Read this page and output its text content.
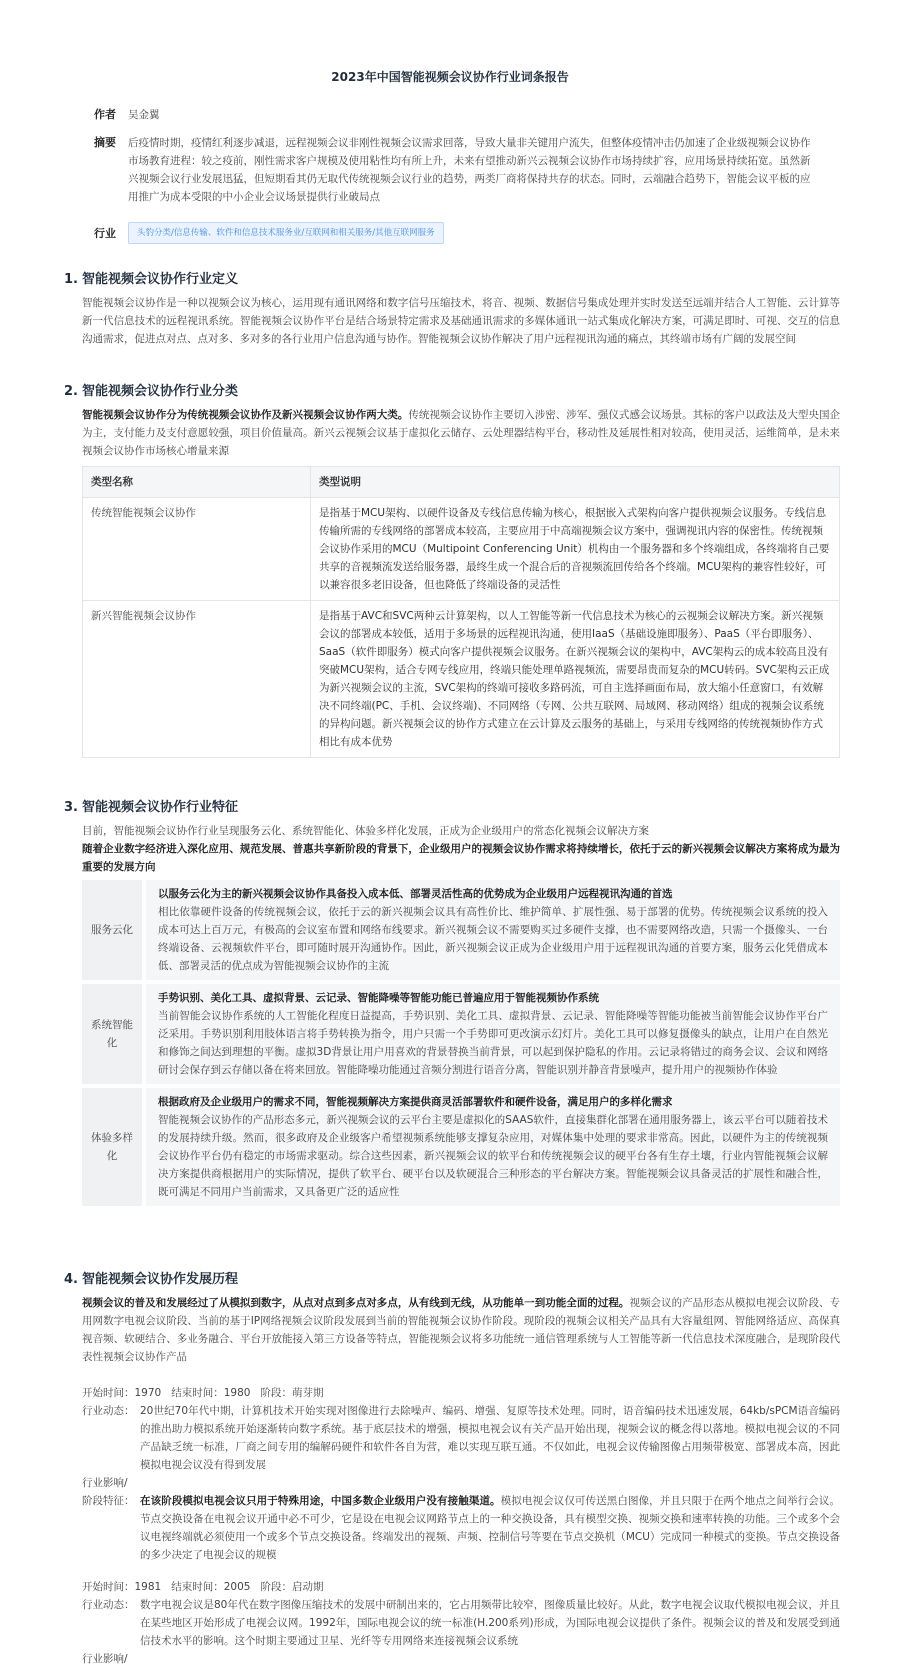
2023年中国智能视频会议协作行业词条报告
作者 吴金翼
摘要 后疫情时期，疫情红利逐步减退，远程视频会议非刚性视频会议需求回落，导致大量非关键用户流失，但整体疫情冲击仍加速了企业级视频会议协作市场教育进程：较之疫前，刚性需求客户规模及使用粘性均有所上升，未来有望推动新兴云视频会议协作市场持续扩容，应用场景持续拓宽。虽然新兴视频会议行业发展迅猛，但短期看其仍无取代传统视频会议行业的趋势，两类厂商将保持共存的状态。同时，云端融合趋势下，智能会议平板的应用推广为成本受限的中小企业会议场景提供行业破局点
行业	头豹分类/信息传输、软件和信息技术服务业/互联网和相关服务/其他互联网服务
1. 智能视频会议协作行业定义
智能视频会议协作是一种以视频会议为核心，运用现有通讯网络和数字信号压缩技术，将音、视频、数据信号集成处理并实时发送至远端并结合人工智能、云计算等新一代信息技术的远程视讯系统。智能视频会议协作平台是结合场景特定需求及基础通讯需求的多媒体通讯一站式集成化解决方案，可满足即时、可视、交互的信息沟通需求，促进点对点、点对多、多对多的各行业用户信息沟通与协作。智能视频会议协作解决了用户远程视讯沟通的痛点，其终端市场有广阔的发展空间
2. 智能视频会议协作行业分类
智能视频会议协作分为传统视频会议协作及新兴视频会议协作两大类。传统视频会议协作主要切入涉密、涉军、强仪式感会议场景。其标的客户以政法及大型央国企为主，支付能力及支付意愿较强，项目价值量高。新兴云视频会议基于虚拟化云储存、云处理器结构平台，移动性及延展性相对较高，使用灵活，运维简单，是未来视频会议协作市场核心增量来源
类型名称	类型说明
传统智能视频会议协作	是指基于MCU架构、以硬件设备及专线信息传输为核心，根据嵌入式架构向客户提供视频会议服务。专线信息传输所需的专线网络的部署成本较高，主要应用于中高端视频会议方案中，强调视讯内容的保密性。传统视频会议协作采用的MCU（Multipoint Conferencing Unit）机构由一个服务器和多个终端组成，各终端将自己要共享的音视频流发送给服务器，最终生成一个混合后的音视频流回传给各个终端。MCU架构的兼容性较好，可以兼容很多老旧设备，但也降低了终端设备的灵活性
新兴智能视频会议协作	是指基于AVC和SVC两种云计算架构，以人工智能等新一代信息技术为核心的云视频会议解决方案。新兴视频会议的部署成本较低，适用于多场景的远程视讯沟通，使用IaaS（基础设施即服务）、PaaS（平台即服务）、SaaS（软件即服务）模式向客户提供视频会议服务。在新兴视频会议的架构中，AVC架构云的成本较高且没有突破MCU架构，适合专网专线应用，终端只能处理单路视频流，需要昂贵而复杂的MCU转码。SVC架构云正成为新兴视频会议的主流，SVC架构的终端可接收多路码流，可自主选择画面布局，放大缩小任意窗口，有效解决不同终端(PC、手机、会议终端)、不同网络（专网、公共互联网、局域网、移动网络）组成的视频会议系统的异构问题。新兴视频会议的协作方式建立在云计算及云服务的基础上，与采用专线网络的传统视频协作方式相比有成本优势
3. 智能视频会议协作行业特征
目前，智能视频会议协作行业呈现服务云化、系统智能化、体验多样化发展，正成为企业级用户的常态化视频会议解决方案
随着企业数字经济进入深化应用、规范发展、普惠共享新阶段的背景下，企业级用户的视频会议协作需求将持续增长，依托于云的新兴视频会议解决方案将成为最为重要的发展方向
服务云化
以服务云化为主的新兴视频会议协作具备投入成本低、部署灵活性高的优势成为企业级用户远程视讯沟通的首选
相比依靠硬件设备的传统视频会议，依托于云的新兴视频会议具有高性价比、维护简单、扩展性强、易于部署的优势。传统视频会议系统的投入成本可达上百万元，有极高的会议室布置和网络布线要求。新兴视频会议不需要购买过多硬件支撑，也不需要网络改造，只需一个摄像头、一台终端设备、云视频软件平台，即可随时展开沟通协作。因此，新兴视频会议正成为企业级用户用于远程视讯沟通的首要方案，服务云化凭借成本低、部署灵活的优点成为智能视频会议协作的主流
系统智能化
手势识别、美化工具、虚拟背景、云记录、智能降噪等智能功能已普遍应用于智能视频协作系统
当前智能会议协作系统的人工智能化程度日益提高，手势识别、美化工具、虚拟背景、云记录、智能降噪等智能功能被当前智能会议协作平台广泛采用。手势识别利用肢体语言将手势转换为指令，用户只需一个手势即可更改演示幻灯片。美化工具可以修复摄像头的缺点，让用户在自然光和修饰之间达到理想的平衡。虚拟3D背景让用户用喜欢的背景替换当前背景，可以起到保护隐私的作用。云记录将错过的商务会议、会议和网络研讨会保存到云存储以备在将来回放。智能降噪功能通过音频分割进行语音分离，智能识别并静音背景噪声，提升用户的视频协作体验
体验多样化
根据政府及企业级用户的需求不同，智能视频解决方案提供商灵活部署软件和硬件设备，满足用户的多样化需求
智能视频会议协作的产品形态多元，新兴视频会议的云平台主要是虚拟化的SAAS软件，直接集群化部署在通用服务器上，该云平台可以随着技术的发展持续升级。然而，很多政府及企业级客户希望视频系统能够支撑复杂应用，对媒体集中处理的要求非常高。因此，以硬件为主的传统视频会议协作平台仍有稳定的市场需求驱动。综合这些因素，新兴视频会议的软平台和传统视频会议的硬平台各有生存土壤，行业内智能视频会议解决方案提供商根据用户的实际情况，提供了软平台、硬平台以及软硬混合三种形态的平台解决方案。智能视频会议具备灵活的扩展性和融合性，既可满足不同用户当前需求，又具备更广泛的适应性
4. 智能视频会议协作发展历程
视频会议的普及和发展经过了从模拟到数字，从点对点到多点对多点，从有线到无线，从功能单一到功能全面的过程。视频会议的产品形态从模拟电视会议阶段、专用网数字电视会议阶段、当前的基于IP网络视频会议阶段发展到当前的智能视频会议协作阶段。现阶段的视频会议相关产品具有大容量组网、智能网络适应、高保真视音频、软硬结合、多业务融合、平台开放能接入第三方设备等特点，智能视频会议将多功能统一通信管理系统与人工智能等新一代信息技术深度融合，是现阶段代表性视频会议协作产品
开始时间：1970 结束时间：1980 阶段：萌芽期
行业动态： 20世纪70年代中期，计算机技术开始实现对图像进行去除噪声、编码、增强、复原等技术处理。同时，语音编码技术迅速发展，64kb/sPCM语音编码的推出助力模拟系统开始逐渐转向数字系统。基于底层技术的增强，模拟电视会议有关产品开始出现，视频会议的概念得以落地。模拟电视会议的不同产品缺乏统一标准，厂商之间专用的编解码硬件和软件各自为营，难以实现互联互通。不仅如此，电视会议传输图像占用频带极宽、部署成本高，因此模拟电视会议没有得到发展
行业影响/
阶段特征： 在该阶段模拟电视会议只用于特殊用途，中国多数企业级用户没有接触渠道。模拟电视会议仅可传送黑白图像，并且只限于在两个地点之间举行会议。节点交换设备在电视会议开通中必不可少，它是设在电视会议网路节点上的一种交换设备，具有模型交换、视频交换和速率转换的功能。三个或多个会议电视终端就必须使用一个或多个节点交换设备。终端发出的视频、声频、控制信号等要在节点交换机（MCU）完成同一种模式的变换。节点交换设备的多少决定了电视会议的规模
开始时间：1981 结束时间：2005 阶段：启动期
行业动态： 数字电视会议是80年代在数字图像压缩技术的发展中研制出来的，它占用频带比较窄，图像质量比较好。从此，数字电视会议取代模拟电视会议，并且在某些地区开始形成了电视会议网。1992年，国际电视会议的统一标准(H.200系列)形成，为国际电视会议提供了条件。视频会议的普及和发展受到通信技术水平的影响。这个时期主要通过卫星、光纤等专用网络来连接视频会议系统
行业影响/
